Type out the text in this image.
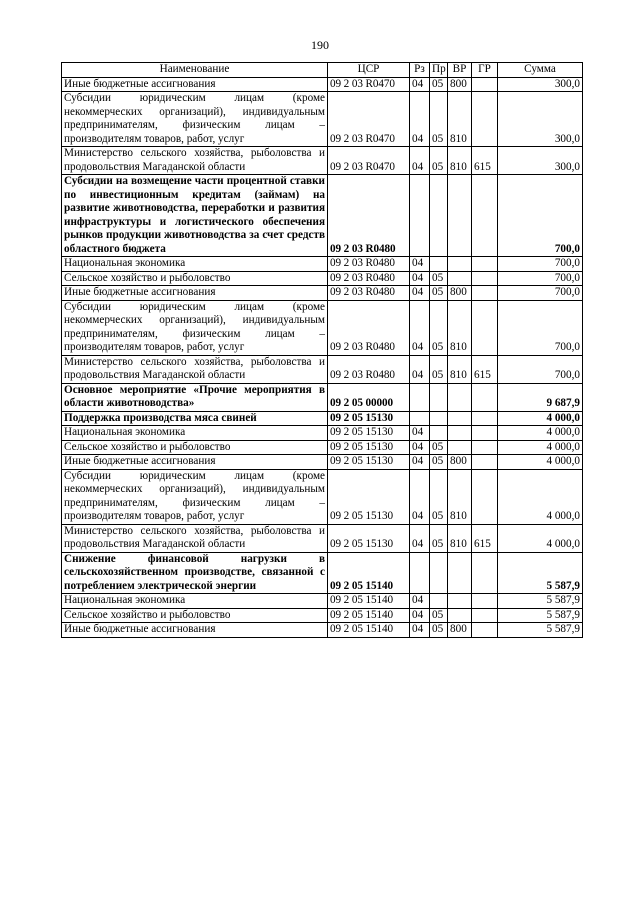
190
Наименование	ЦСР	Рз	Пр	ВР	ГР	Сумма
Иные бюджетные ассигнования	09 2 03 R0470	04	05	800		300,0
Субсидии юридическим лицам (кроме некоммерческих организаций), индивидуальным предпринимателям, физическим лицам – производителям товаров, работ, услуг	09 2 03 R0470	04	05	810		300,0
Министерство сельского хозяйства, рыболовства и продовольствия Магаданской области	09 2 03 R0470	04	05	810	615	300,0
Субсидии на возмещение части процентной ставки по инвестиционным кредитам (займам) на развитие животноводства, переработки и развития инфраструктуры и логистического обеспечения рынков продукции животноводства за счет средств областного бюджета	09 2 03 R0480					700,0
Национальная экономика	09 2 03 R0480	04				700,0
Сельское хозяйство и рыболовство	09 2 03 R0480	04	05			700,0
Иные бюджетные ассигнования	09 2 03 R0480	04	05	800		700,0
Субсидии юридическим лицам (кроме некоммерческих организаций), индивидуальным предпринимателям, физическим лицам – производителям товаров, работ, услуг	09 2 03 R0480	04	05	810		700,0
Министерство сельского хозяйства, рыболовства и продовольствия Магаданской области	09 2 03 R0480	04	05	810	615	700,0
Основное мероприятие «Прочие мероприятия в области животноводства»	09 2 05 00000					9 687,9
Поддержка производства мяса свиней	09 2 05 15130					4 000,0
Национальная экономика	09 2 05 15130	04				4 000,0
Сельское хозяйство и рыболовство	09 2 05 15130	04	05			4 000,0
Иные бюджетные ассигнования	09 2 05 15130	04	05	800		4 000,0
Субсидии юридическим лицам (кроме некоммерческих организаций), индивидуальным предпринимателям, физическим лицам – производителям товаров, работ, услуг	09 2 05 15130	04	05	810		4 000,0
Министерство сельского хозяйства, рыболовства и продовольствия Магаданской области	09 2 05 15130	04	05	810	615	4 000,0
Снижение финансовой нагрузки в сельскохозяйственном производстве, связанной с потреблением электрической энергии	09 2 05 15140					5 587,9
Национальная экономика	09 2 05 15140	04				5 587,9
Сельское хозяйство и рыболовство	09 2 05 15140	04	05			5 587,9
Иные бюджетные ассигнования	09 2 05 15140	04	05	800		5 587,9
